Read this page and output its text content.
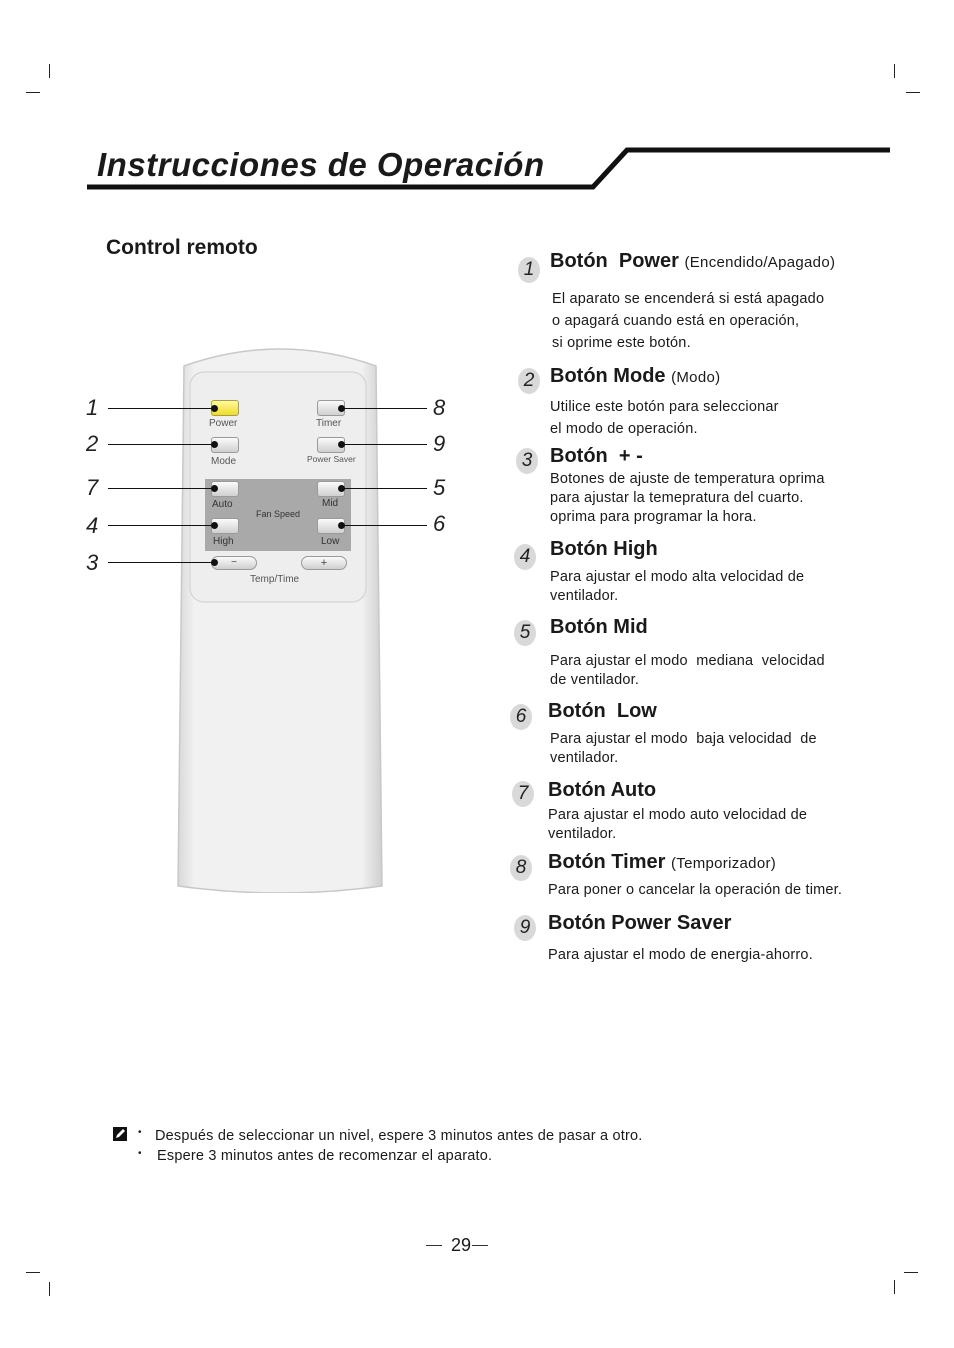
Instrucciones de Operación
Control remoto
Power	Timer
Mode	Power Saver
Auto	Mid
Fan Speed
High	Low
−	+
Temp/Time
1
2
7
4
3
8
9
5
6
1 Botón  Power (Encendido/Apagado)
El aparato se encenderá si está apagado
o apagará cuando está en operación,
si oprime este botón.
2 Botón Mode (Modo)
Utilice este botón para seleccionar
el modo de operación.
3 Botón  + -
Botones de ajuste de temperatura oprima
para ajustar la temepratura del cuarto.
oprima para programar la hora.
4 Botón High
Para ajustar el modo alta velocidad de
ventilador.
5 Botón Mid
Para ajustar el modo  mediana  velocidad
de ventilador.
6 Botón  Low
Para ajustar el modo  baja velocidad  de
ventilador.
7 Botón Auto
Para ajustar el modo auto velocidad de
ventilador.
8 Botón Timer (Temporizador)
Para poner o cancelar la operación de timer.
9 Botón Power Saver
Para ajustar el modo de energia-ahorro.
• Después de seleccionar un nivel, espere 3 minutos antes de pasar a otro.
• Espere 3 minutos antes de recomenzar el aparato.
29
